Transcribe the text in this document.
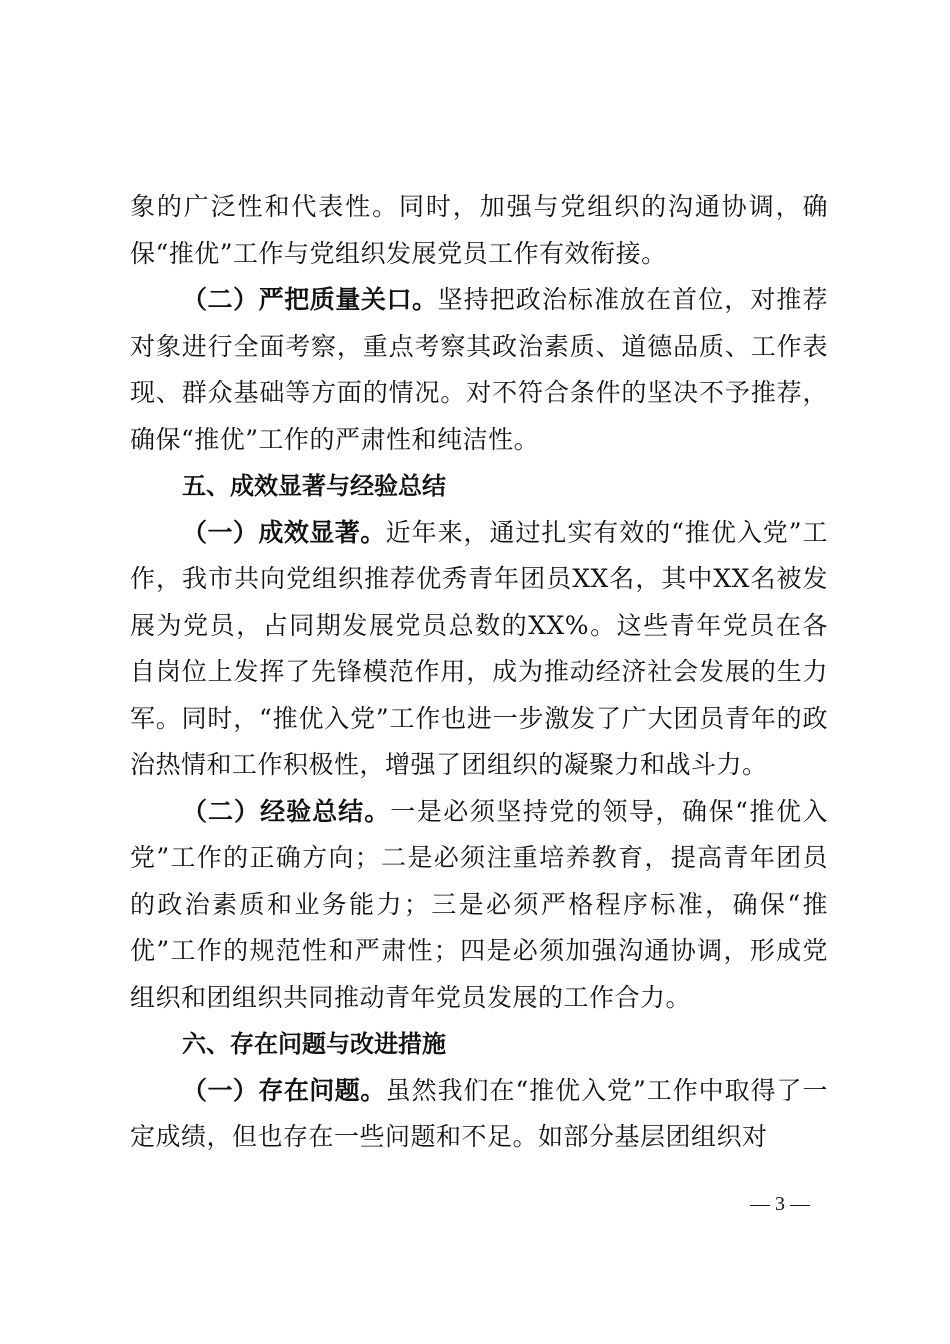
象的广泛性和代表性。同时，加强与党组织的沟通协调，确保“推优”工作与党组织发展党员工作有效衔接。

（二）严把质量关口。坚持把政治标准放在首位，对推荐对象进行全面考察，重点考察其政治素质、道德品质、工作表现、群众基础等方面的情况。对不符合条件的坚决不予推荐，确保“推优”工作的严肃性和纯洁性。

五、成效显著与经验总结

（一）成效显著。近年来，通过扎实有效的“推优入党”工作，我市共向党组织推荐优秀青年团员XX名，其中XX名被发展为党员，占同期发展党员总数的XX%。这些青年党员在各自岗位上发挥了先锋模范作用，成为推动经济社会发展的生力军。同时，“推优入党”工作也进一步激发了广大团员青年的政治热情和工作积极性，增强了团组织的凝聚力和战斗力。

（二）经验总结。一是必须坚持党的领导，确保“推优入党”工作的正确方向；二是必须注重培养教育，提高青年团员的政治素质和业务能力；三是必须严格程序标准，确保“推优”工作的规范性和严肃性；四是必须加强沟通协调，形成党组织和团组织共同推动青年党员发展的工作合力。

六、存在问题与改进措施

（一）存在问题。虽然我们在“推优入党”工作中取得了一定成绩，但也存在一些问题和不足。如部分基层团组织对

— 3 —
